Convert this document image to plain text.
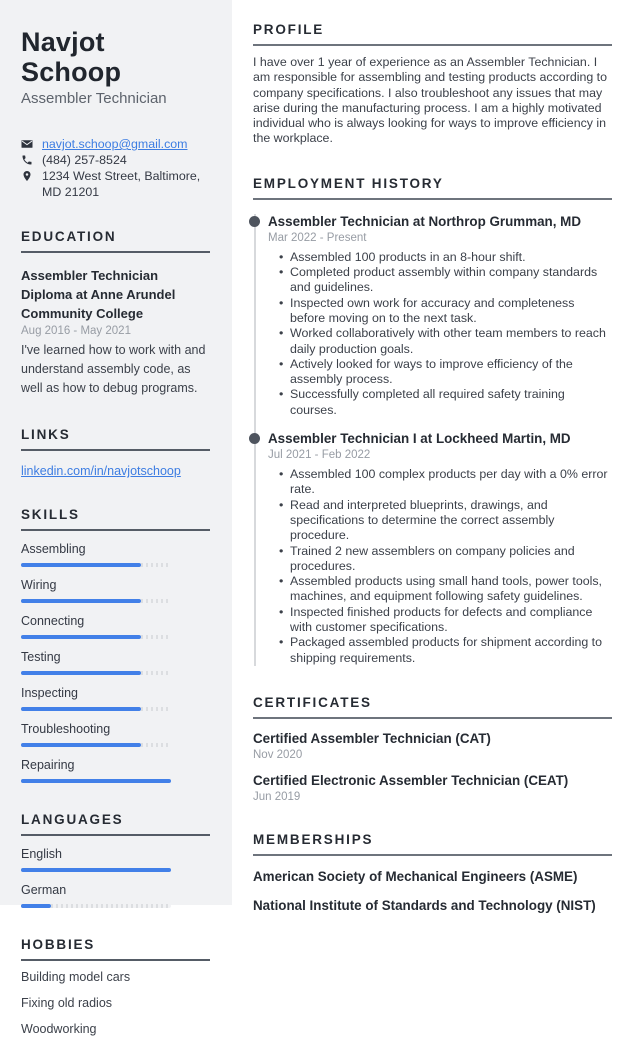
Navjot Schoop
Assembler Technician
navjot.schoop@gmail.com
(484) 257-8524
1234 West Street, Baltimore, MD 21201
EDUCATION
Assembler Technician Diploma at Anne Arundel Community College
Aug 2016 - May 2021
I've learned how to work with and understand assembly code, as well as how to debug programs.
LINKS
linkedin.com/in/navjotschoop
SKILLS
Assembling
Wiring
Connecting
Testing
Inspecting
Troubleshooting
Repairing
LANGUAGES
English
German
HOBBIES
Building model cars
Fixing old radios
Woodworking
PROFILE

I have over 1 year of experience as an Assembler Technician. I am responsible for assembling and testing products according to company specifications. I also troubleshoot any issues that may arise during the manufacturing process. I am a highly motivated individual who is always looking for ways to improve efficiency in the workplace.

EMPLOYMENT HISTORY
Assembler Technician at Northrop Grumman, MD
Mar 2022 - Present
• Assembled 100 products in an 8-hour shift.
• Completed product assembly within company standards and guidelines.
• Inspected own work for accuracy and completeness before moving on to the next task.
• Worked collaboratively with other team members to reach daily production goals.
• Actively looked for ways to improve efficiency of the assembly process.
• Successfully completed all required safety training courses.
Assembler Technician I at Lockheed Martin, MD
Jul 2021 - Feb 2022
• Assembled 100 complex products per day with a 0% error rate.
• Read and interpreted blueprints, drawings, and specifications to determine the correct assembly procedure.
• Trained 2 new assemblers on company policies and procedures.
• Assembled products using small hand tools, power tools, machines, and equipment following safety guidelines.
• Inspected finished products for defects and compliance with customer specifications.
• Packaged assembled products for shipment according to shipping requirements.
CERTIFICATES
Certified Assembler Technician (CAT)
Nov 2020
Certified Electronic Assembler Technician (CEAT)
Jun 2019
MEMBERSHIPS
American Society of Mechanical Engineers (ASME)
National Institute of Standards and Technology (NIST)
